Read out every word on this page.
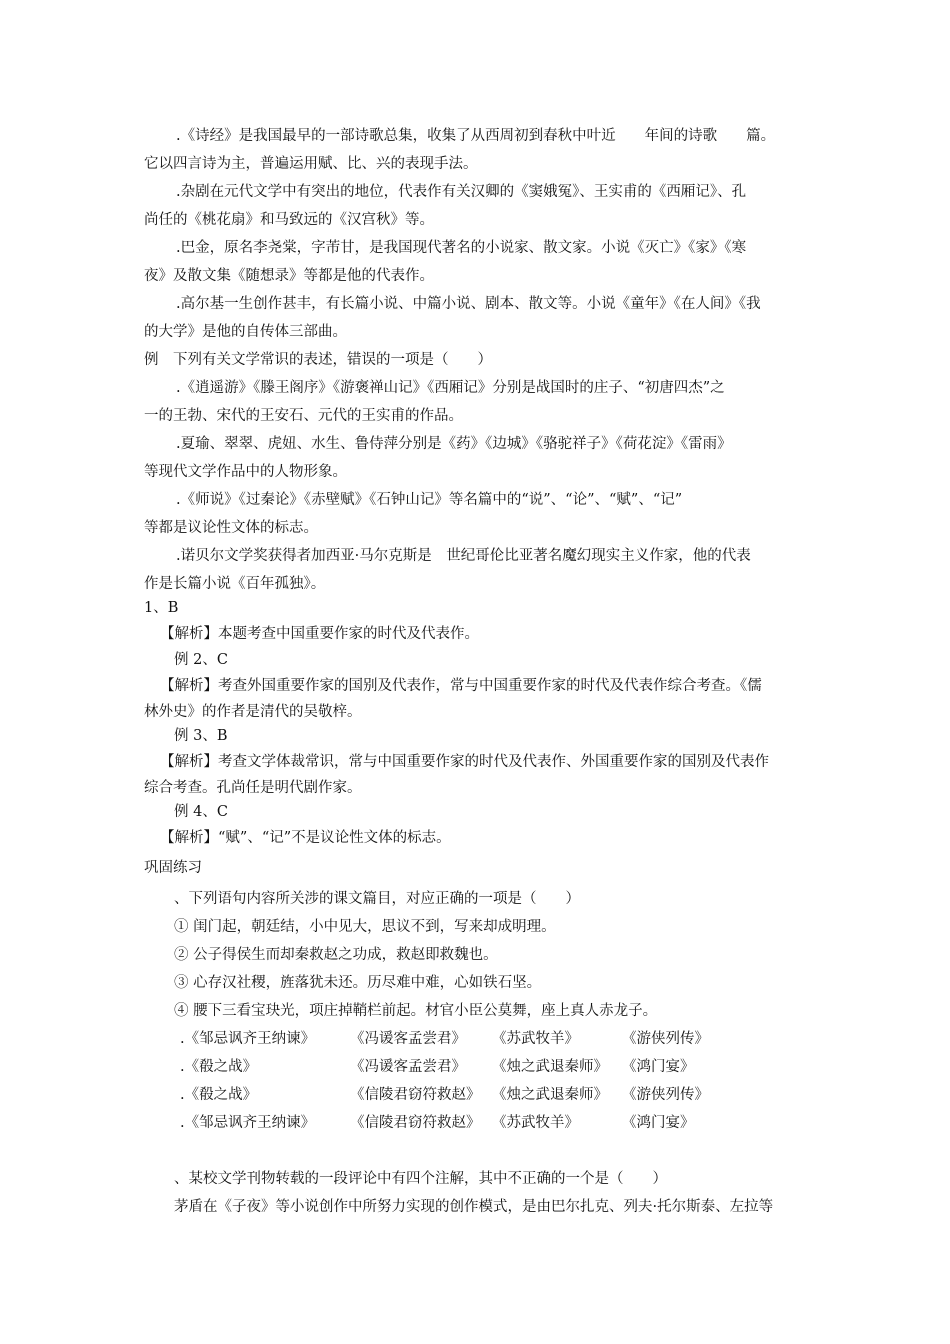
.《诗经》是我国最早的一部诗歌总集，收集了从西周初到春秋中叶近　　年间的诗歌　　篇。
它以四言诗为主，普遍运用赋、比、兴的表现手法。
.杂剧在元代文学中有突出的地位，代表作有关汉卿的《窦娥冤》、王实甫的《西厢记》、孔
尚任的《桃花扇》和马致远的《汉宫秋》等。
.巴金，原名李尧棠，字芾甘，是我国现代著名的小说家、散文家。小说《灭亡》《家》《寒
夜》及散文集《随想录》等都是他的代表作。
.高尔基一生创作甚丰，有长篇小说、中篇小说、剧本、散文等。小说《童年》《在人间》《我
的大学》是他的自传体三部曲。
例　下列有关文学常识的表述，错误的一项是（　　）
.《逍遥游》《滕王阁序》《游褒禅山记》《西厢记》分别是战国时的庄子、“初唐四杰”之
一的王勃、宋代的王安石、元代的王实甫的作品。
.夏瑜、翠翠、虎妞、水生、鲁侍萍分别是《药》《边城》《骆驼祥子》《荷花淀》《雷雨》
等现代文学作品中的人物形象。
.《师说》《过秦论》《赤壁赋》《石钟山记》等名篇中的“说”、“论”、“赋”、“记”
等都是议论性文体的标志。
.诺贝尔文学奖获得者加西亚·马尔克斯是　世纪哥伦比亚著名魔幻现实主义作家，他的代表
作是长篇小说《百年孤独》。
1、B
【解析】本题考查中国重要作家的时代及代表作。
例 2、C
【解析】考查外国重要作家的国别及代表作，常与中国重要作家的时代及代表作综合考查。《儒
林外史》的作者是清代的吴敬梓。
例 3、B
【解析】考查文学体裁常识，常与中国重要作家的时代及代表作、外国重要作家的国别及代表作
综合考查。孔尚任是明代剧作家。
例 4、C
【解析】“赋”、“记”不是议论性文体的标志。
巩固练习
、下列语句内容所关涉的课文篇目，对应正确的一项是（　　）
① 闺门起，朝廷结，小中见大，思议不到，写来却成明理。
② 公子得侯生而却秦救赵之功成，救赵即救魏也。
③ 心存汉社稷，旌落犹未还。历尽难中难，心如铁石坚。
④ 腰下三看宝玦光，项庄掉鞘栏前起。材官小臣公莫舞，座上真人赤龙子。
.《邹忌讽齐王纳谏》 《冯谖客孟尝君》 《苏武牧羊》	《游侠列传》
.《殽之战》	《冯谖客孟尝君》 《烛之武退秦师》 《鸿门宴》
.《殽之战》	《信陵君窃符救赵》 《烛之武退秦师》 《游侠列传》
.《邹忌讽齐王纳谏》 《信陵君窃符救赵》 《苏武牧羊》	《鸿门宴》
、某校文学刊物转载的一段评论中有四个注解，其中不正确的一个是（　　）
茅盾在《子夜》等小说创作中所努力实现的创作模式，是由巴尔扎克、列夫·托尔斯泰、左拉等
